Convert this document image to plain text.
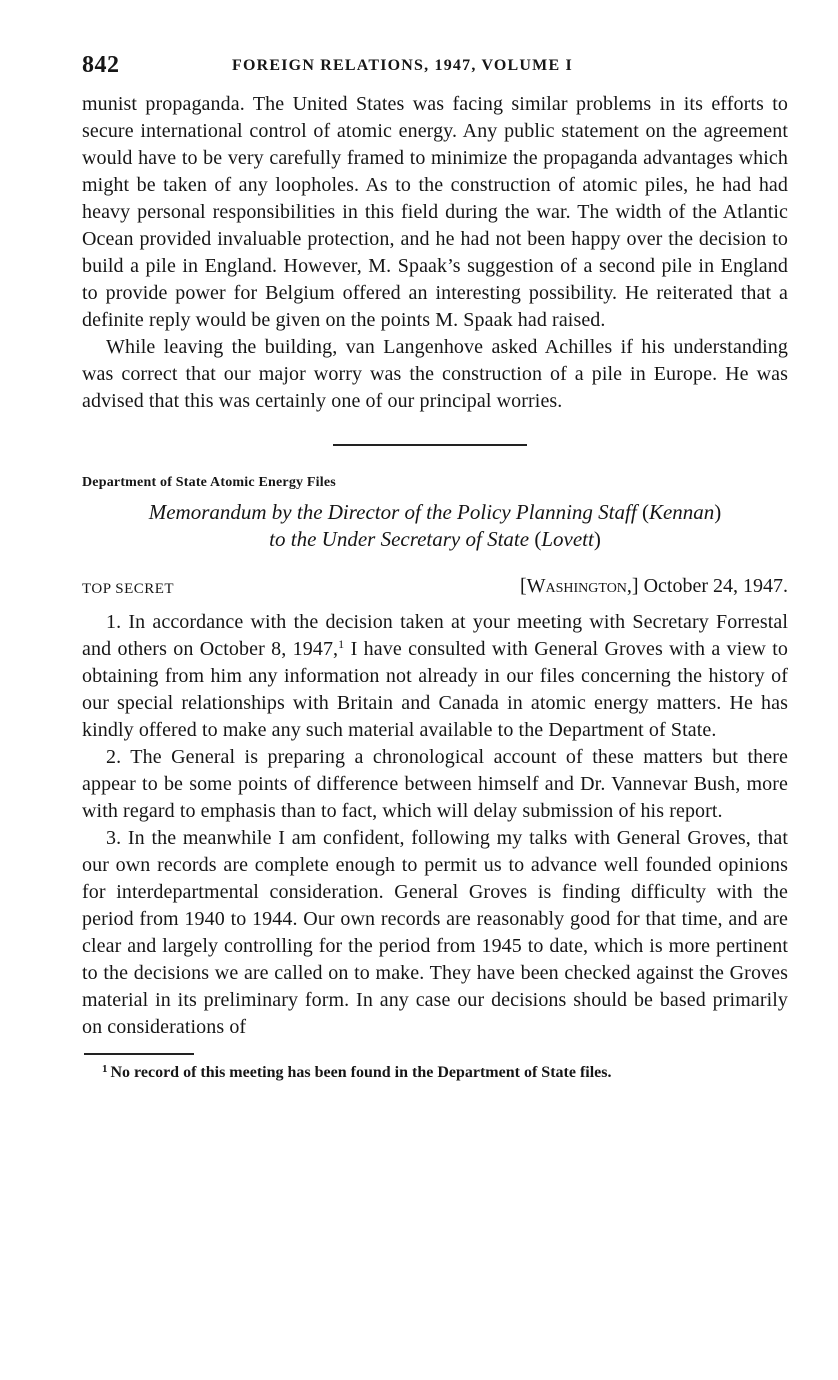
842	FOREIGN RELATIONS, 1947, VOLUME I

munist propaganda. The United States was facing similar problems in its efforts to secure international control of atomic energy. Any public statement on the agreement would have to be very carefully framed to minimize the propaganda advantages which might be taken of any loopholes. As to the construction of atomic piles, he had had heavy personal responsibilities in this field during the war. The width of the Atlantic Ocean provided invaluable protection, and he had not been happy over the decision to build a pile in England. However, M. Spaak’s suggestion of a second pile in England to provide power for Belgium offered an interesting possibility. He reiterated that a definite reply would be given on the points M. Spaak had raised.

While leaving the building, van Langenhove asked Achilles if his understanding was correct that our major worry was the construction of a pile in Europe. He was advised that this was certainly one of our principal worries.

Department of State Atomic Energy Files
Memorandum by the Director of the Policy Planning Staff (Kennan)
to the Under Secretary of State (Lovett)
TOP SECRET	[Washington,] October 24, 1947.

1. In accordance with the decision taken at your meeting with Secretary Forrestal and others on October 8, 1947,$^1$ I have consulted with General Groves with a view to obtaining from him any information not already in our files concerning the history of our special relationships with Britain and Canada in atomic energy matters. He has kindly offered to make any such material available to the Department of State.

2. The General is preparing a chronological account of these matters but there appear to be some points of difference between himself and Dr. Vannevar Bush, more with regard to emphasis than to fact, which will delay submission of his report.

3. In the meanwhile I am confident, following my talks with General Groves, that our own records are complete enough to permit us to advance well founded opinions for interdepartmental consideration. General Groves is finding difficulty with the period from 1940 to 1944. Our own records are reasonably good for that time, and are clear and largely controlling for the period from 1945 to date, which is more pertinent to the decisions we are called on to make. They have been checked against the Groves material in its preliminary form. In any case our decisions should be based primarily on considerations of

$^1$ No record of this meeting has been found in the Department of State files.
